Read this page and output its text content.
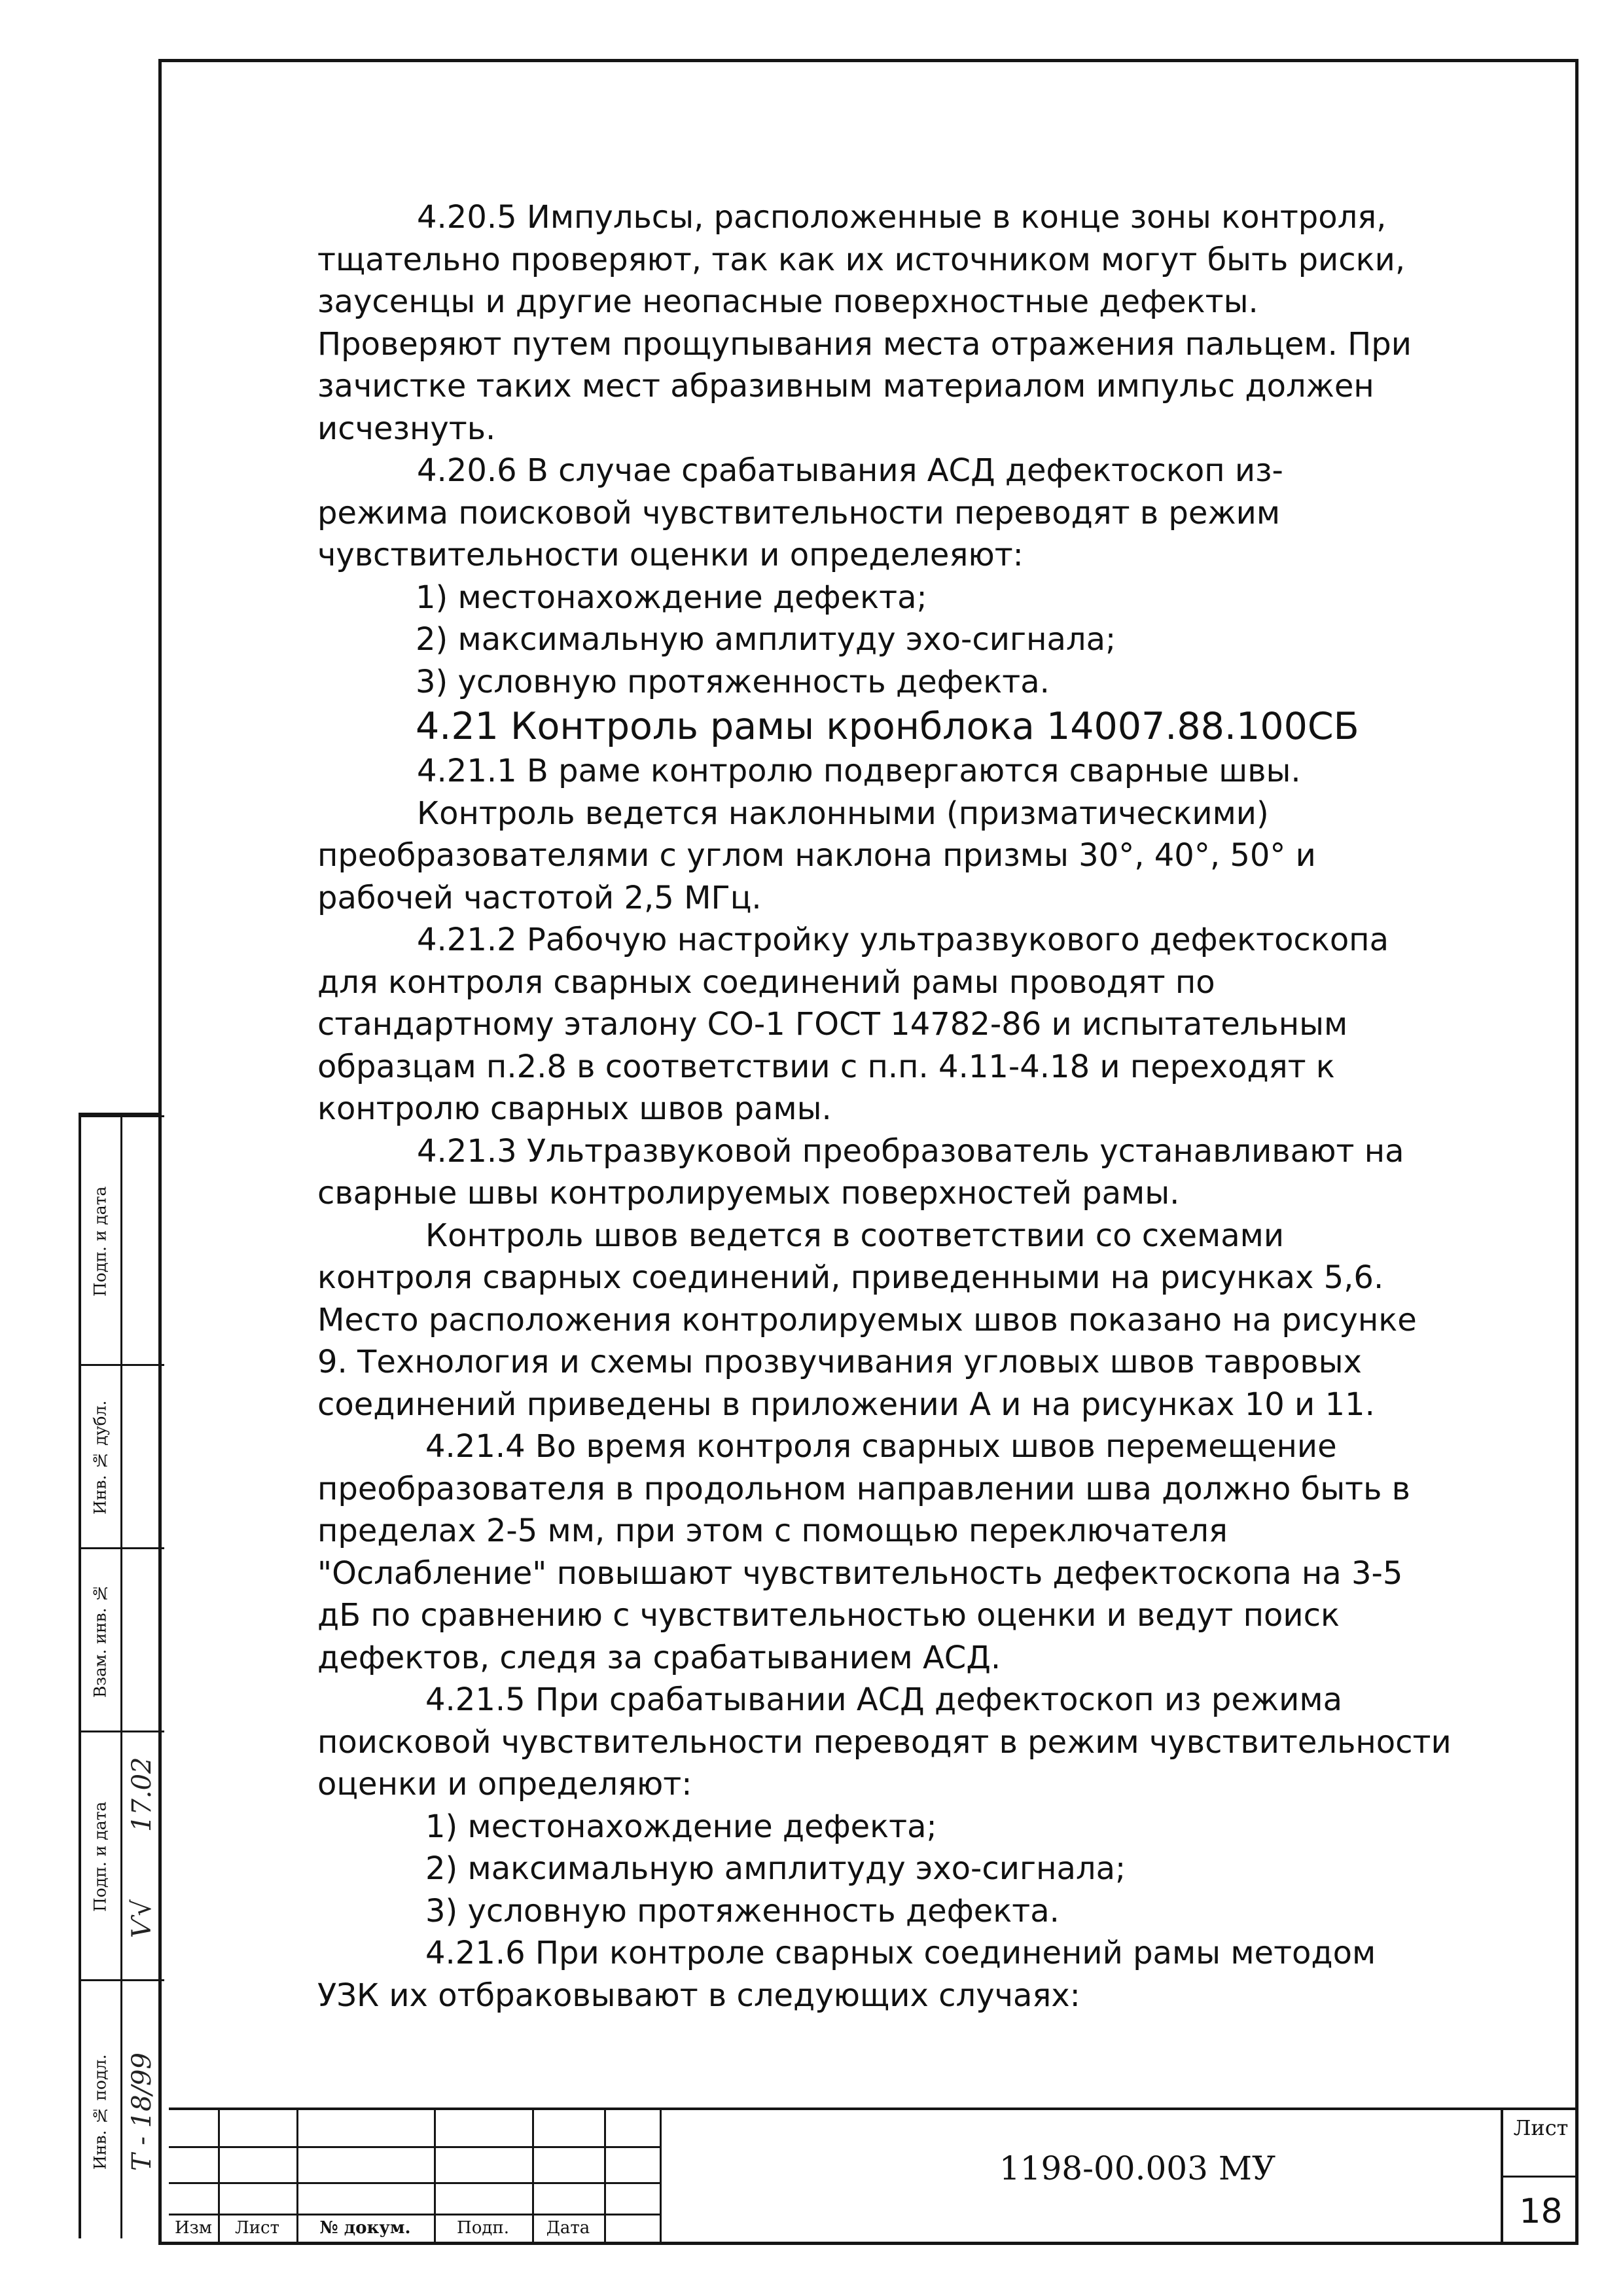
4.20.5 Импульсы, расположенные в конце зоны контроля,

тщательно проверяют, так как их источником могут быть риски,

заусенцы и другие неопасные поверхностные дефекты.

Проверяют путем прощупывания места отражения пальцем. При

зачистке таких мест абразивным материалом импульс должен

исчезнуть.

4.20.6 В случае срабатывания АСД дефектоскоп из-

режима поисковой чувствительности переводят в режим

чувствительности оценки и определеяют:

1) местонахождение дефекта;

2) максимальную амплитуду эхо-сигнала;

3) условную протяженность дефекта.

4.21 Контроль рамы кронблока 14007.88.100СБ

4.21.1 В раме контролю подвергаются сварные швы.

Контроль ведется наклонными (призматическими)

преобразователями с углом наклона призмы 30°, 40°, 50° и

рабочей частотой 2,5 МГц.

4.21.2 Рабочую настройку ультразвукового дефектоскопа

для контроля сварных соединений рамы проводят по

стандартному эталону СО-1 ГОСТ 14782-86 и испытательным

образцам п.2.8 в соответствии с п.п. 4.11-4.18 и переходят к

контролю сварных швов рамы.

4.21.3 Ультразвуковой преобразователь устанавливают на

сварные швы контролируемых поверхностей рамы.

Контроль швов ведется в соответствии со схемами

контроля сварных соединений, приведенными на рисунках 5,6.

Место расположения контролируемых швов показано на рисунке

9. Технология и схемы прозвучивания угловых швов тавровых

соединений приведены в приложении А и на рисунках 10 и 11.

4.21.4 Во время контроля сварных швов перемещение

преобразователя в продольном направлении шва должно быть в

пределах 2-5 мм, при этом с помощью переключателя

"Ослабление" повышают чувствительность дефектоскопа на 3-5

дБ по сравнению с чувствительностью оценки и ведут поиск

дефектов, следя за срабатыванием АСД.

4.21.5 При срабатывании АСД дефектоскоп из режима

поисковой чувствительности переводят в режим чувствительности

оценки и определяют:

1) местонахождение дефекта;

2) максимальную амплитуду эхо-сигнала;

3) условную протяженность дефекта.

4.21.6 При контроле сварных соединений рамы методом

УЗК их отбраковывают в следующих случаях:

Подп. и дата
Инв. № дубл.
Взам. инв. №
Подп. и дата
17.02
Ѵ√
Инв. № подл. Т - 18/99
Изм	Лист	№ докум.	Подп.	Дата
1198-00.003 МУ
Лист
18
